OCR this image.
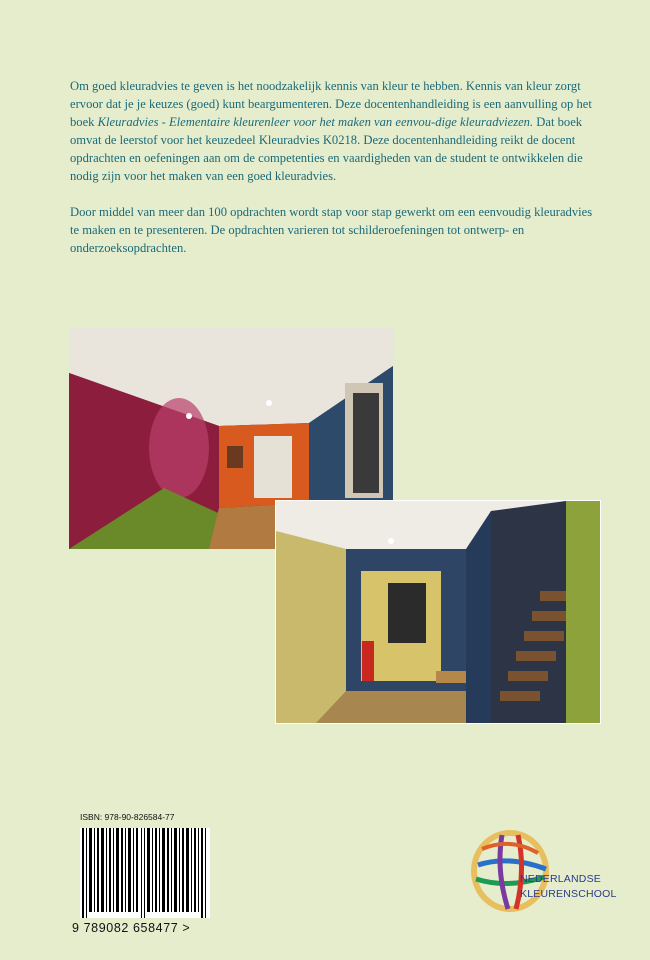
Om goed kleuradvies te geven is het noodzakelijk kennis van kleur te hebben. Kennis van kleur zorgt ervoor dat je je keuzes (goed) kunt beargumenteren. Deze docentenhandleiding is een aanvulling op het boek Kleuradvies - Elementaire kleurenleer voor het maken van eenvou-dige kleuradviezen. Dat boek omvat de leerstof voor het keuzedeel Kleuradvies K0218. Deze docentenhandleiding reikt de docent opdrachten en oefeningen aan om de competenties en vaardigheden van de student te ontwikkelen die nodig zijn voor het maken van een goed kleuradvies.

Door middel van meer dan 100 opdrachten wordt stap voor stap gewerkt om een eenvoudig kleuradvies te maken en te presenteren. De opdrachten varieren tot schilderoefeningen tot ontwerp- en onderzoeksopdrachten.

ISBN: 978-90-826584-77
9 789082 658477 >
NEDERLANDSE
KLEURENSCHOOL
